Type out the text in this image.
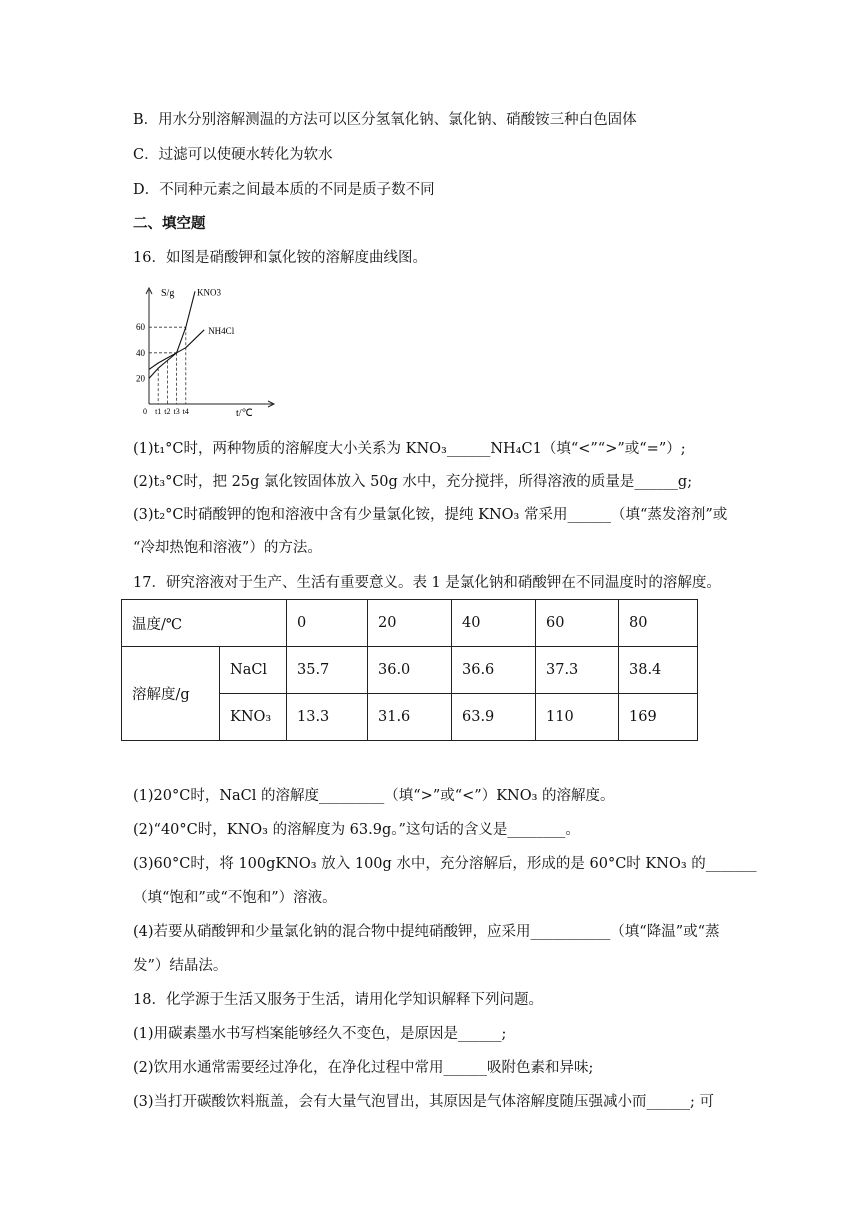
B．用水分别溶解测温的方法可以区分氢氧化钠、氯化钠、硝酸铵三种白色固体
C．过滤可以使硬水转化为软水
D．不同种元素之间最本质的不同是质子数不同
二、填空题
16．如图是硝酸钾和氯化铵的溶解度曲线图。
KNO3
NH4Cl
S/g
t/℃
20
40
60
0 t1 t2 t3 t4
(1)t₁°C时，两种物质的溶解度大小关系为 KNO₃______NH₄C1（填“<”“>”或“=”）;
(2)t₃°C时，把 25g 氯化铵固体放入 50g 水中，充分搅拌，所得溶液的质量是______g;
(3)t₂°C时硝酸钾的饱和溶液中含有少量氯化铵，提纯 KNO₃ 常采用______（填“蒸发溶剂”或
“冷却热饱和溶液”）的方法。
17．研究溶液对于生产、生活有重要意义。表 1 是氯化钠和硝酸钾在不同温度时的溶解度。
温度/℃		0	20	40	60	80
溶解度/g	NaCl	35.7	36.0	36.6	37.3	38.4
	KNO₃	13.3	31.6	63.9	110	169
(1)20°C时，NaCl 的溶解度_________（填“>”或“<”）KNO₃ 的溶解度。
(2)“40°C时，KNO₃ 的溶解度为 63.9g。”这句话的含义是________。
(3)60°C时，将 100gKNO₃ 放入 100g 水中，充分溶解后，形成的是 60°C时 KNO₃ 的_______
（填“饱和”或“不饱和”）溶液。
(4)若要从硝酸钾和少量氯化钠的混合物中提纯硝酸钾，应采用___________（填“降温”或“蒸
发”）结晶法。
18．化学源于生活又服务于生活，请用化学知识解释下列问题。
(1)用碳素墨水书写档案能够经久不变色，是原因是______;
(2)饮用水通常需要经过净化，在净化过程中常用______吸附色素和异味;
(3)当打开碳酸饮料瓶盖，会有大量气泡冒出，其原因是气体溶解度随压强减小而______; 可
